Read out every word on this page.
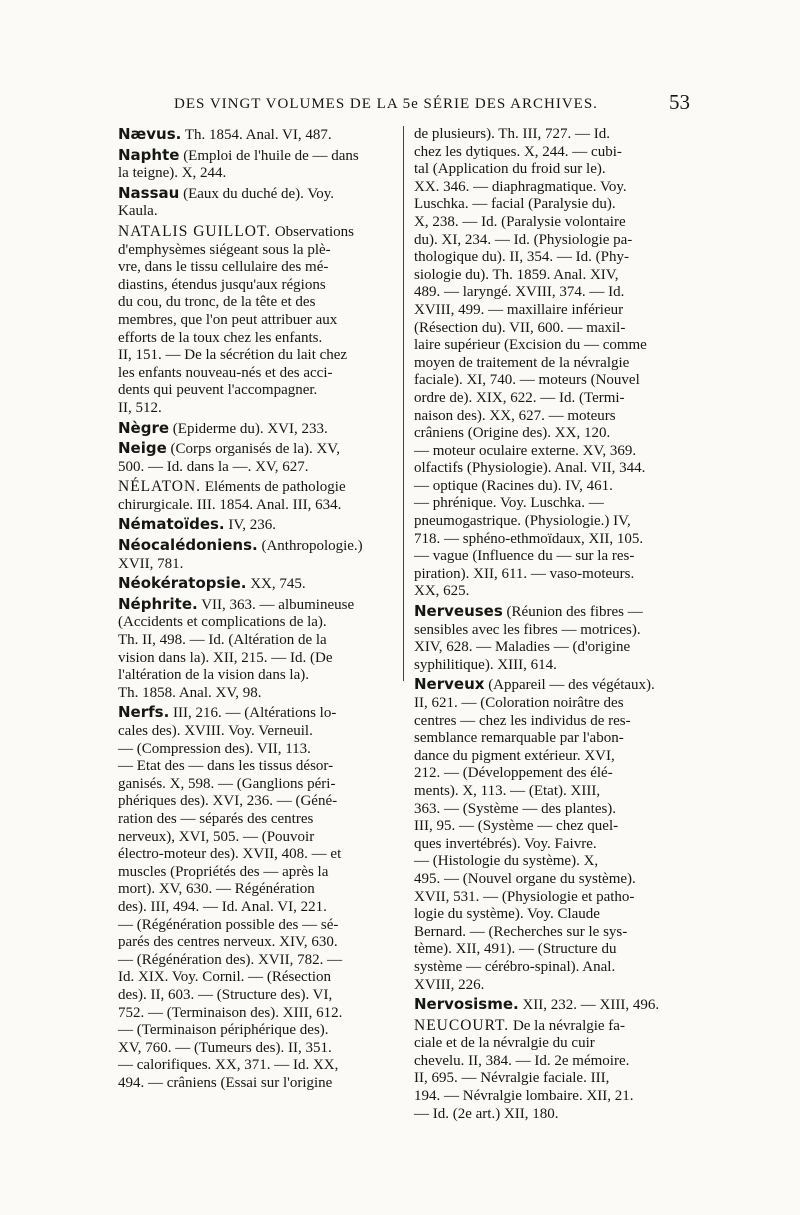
DES VINGT VOLUMES DE LA 5e SÉRIE DES ARCHIVES.	53
Nævus. Th. 1854. Anal. VI, 487.
Naphte (Emploi de l'huile de — dans
la teigne). X, 244.
Nassau (Eaux du duché de). Voy.
Kaula.
NATALIS GUILLOT. Observations
d'emphysèmes siégeant sous la plè-
vre, dans le tissu cellulaire des mé-
diastins, étendus jusqu'aux régions
du cou, du tronc, de la tête et des
membres, que l'on peut attribuer aux
efforts de la toux chez les enfants.
II, 151. — De la sécrétion du lait chez
les enfants nouveau-nés et des acci-
dents qui peuvent l'accompagner.
II, 512.
Nègre (Epiderme du). XVI, 233.
Neige (Corps organisés de la). XV,
500. — Id. dans la —. XV, 627.
NÉLATON. Eléments de pathologie
chirurgicale. III. 1854. Anal. III, 634.
Nématoïdes. IV, 236.
Néocalédoniens. (Anthropologie.)
XVII, 781.
Néokératopsie. XX, 745.
Néphrite. VII, 363. — albumineuse
(Accidents et complications de la).
Th. II, 498. — Id. (Altération de la
vision dans la). XII, 215. — Id. (De
l'altération de la vision dans la).
Th. 1858. Anal. XV, 98.
Nerfs. III, 216. — (Altérations lo-
cales des). XVIII. Voy. Verneuil.
— (Compression des). VII, 113.
— Etat des — dans les tissus désor-
ganisés. X, 598. — (Ganglions péri-
phériques des). XVI, 236. — (Géné-
ration des — séparés des centres
nerveux), XVI, 505. — (Pouvoir
électro-moteur des). XVII, 408. — et
muscles (Propriétés des — après la
mort). XV, 630. — Régénération
des). III, 494. — Id. Anal. VI, 221.
— (Régénération possible des — sé-
parés des centres nerveux. XIV, 630.
— (Régénération des). XVII, 782. —
Id. XIX. Voy. Cornil. — (Résection
des). II, 603. — (Structure des). VI,
752. — (Terminaison des). XIII, 612.
— (Terminaison périphérique des).
XV, 760. — (Tumeurs des). II, 351.
— calorifiques. XX, 371. — Id. XX,
494. — crâniens (Essai sur l'origine
de plusieurs). Th. III, 727. — Id.
chez les dytiques. X, 244. — cubi-
tal (Application du froid sur le).
XX. 346. — diaphragmatique. Voy.
Luschka. — facial (Paralysie du).
X, 238. — Id. (Paralysie volontaire
du). XI, 234. — Id. (Physiologie pa-
thologique du). II, 354. — Id. (Phy-
siologie du). Th. 1859. Anal. XIV,
489. — laryngé. XVIII, 374. — Id.
XVIII, 499. — maxillaire inférieur
(Résection du). VII, 600. — maxil-
laire supérieur (Excision du — comme
moyen de traitement de la névralgie
faciale). XI, 740. — moteurs (Nouvel
ordre de). XIX, 622. — Id. (Termi-
naison des). XX, 627. — moteurs
crâniens (Origine des). XX, 120.
— moteur oculaire externe. XV, 369.
olfactifs (Physiologie). Anal. VII, 344.
— optique (Racines du). IV, 461.
— phrénique. Voy. Luschka. —
pneumogastrique. (Physiologie.) IV,
718. — sphéno-ethmoïdaux, XII, 105.
— vague (Influence du — sur la res-
piration). XII, 611. — vaso-moteurs.
XX, 625.
Nerveuses (Réunion des fibres —
sensibles avec les fibres — motrices).
XIV, 628. — Maladies — (d'origine
syphilitique). XIII, 614.
Nerveux (Appareil — des végétaux).
II, 621. — (Coloration noirâtre des
centres — chez les individus de res-
semblance remarquable par l'abon-
dance du pigment extérieur. XVI,
212. — (Développement des élé-
ments). X, 113. — (Etat). XIII,
363. — (Système — des plantes).
III, 95. — (Système — chez quel-
ques invertébrés). Voy. Faivre.
— (Histologie du système). X,
495. — (Nouvel organe du système).
XVII, 531. — (Physiologie et patho-
logie du système). Voy. Claude
Bernard. — (Recherches sur le sys-
tème). XII, 491). — (Structure du
système — cérébro-spinal). Anal.
XVIII, 226.
Nervosisme. XII, 232. — XIII, 496.
NEUCOURT. De la névralgie fa-
ciale et de la névralgie du cuir
chevelu. II, 384. — Id. 2e mémoire.
II, 695. — Névralgie faciale. III,
194. — Névralgie lombaire. XII, 21.
— Id. (2e art.) XII, 180.
